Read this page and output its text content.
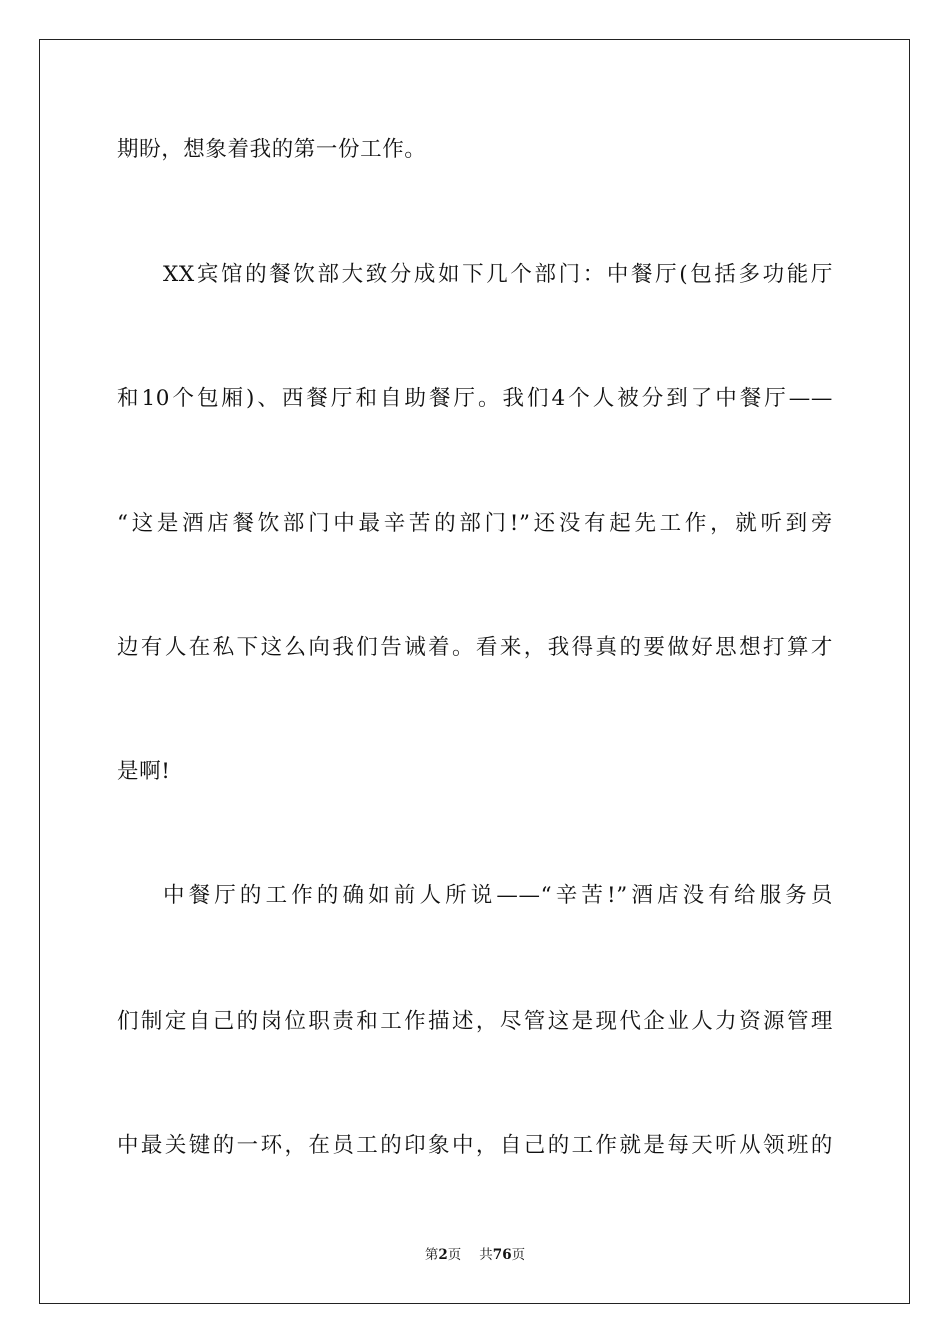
期盼，想象着我的第一份工作。
XX宾馆的餐饮部大致分成如下几个部门：中餐厅(包括多功能厅
和10个包厢)、西餐厅和自助餐厅。我们4个人被分到了中餐厅——
“这是酒店餐饮部门中最辛苦的部门!”还没有起先工作，就听到旁
边有人在私下这么向我们告诫着。看来，我得真的要做好思想打算才
是啊!
中餐厅的工作的确如前人所说——“辛苦!”酒店没有给服务员
们制定自己的岗位职责和工作描述，尽管这是现代企业人力资源管理
中最关键的一环，在员工的印象中，自己的工作就是每天听从领班的
第2页 共76页
